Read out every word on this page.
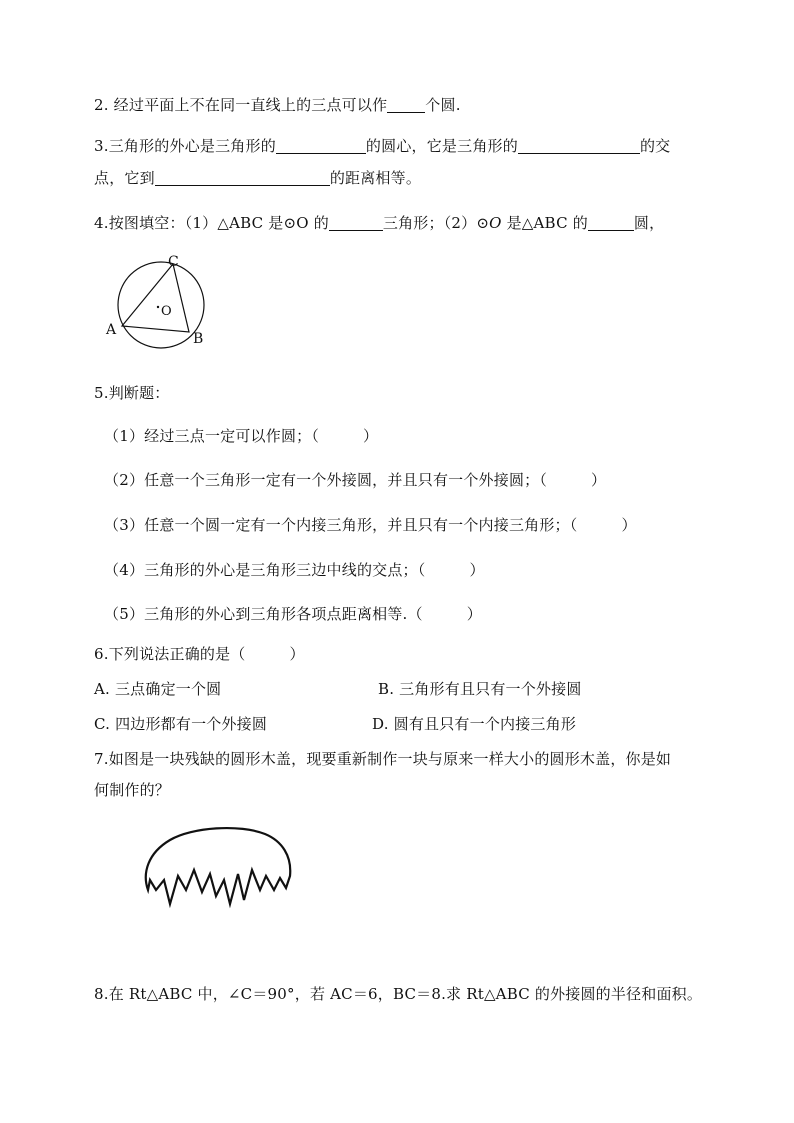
2. 经过平面上不在同一直线上的三点可以作	个圆.
3.三角形的外心是三角形的	的圆心，它是三角形的	的交
点，它到	的距离相等。
4.按图填空：（1）△ABC 是⊙O 的	三角形；（2）⊙O 是△ABC 的	圆，
C
A
B
O
5.判断题：
（1）经过三点一定可以作圆；（	）
（2）任意一个三角形一定有一个外接圆，并且只有一个外接圆；（	）
（3）任意一个圆一定有一个内接三角形，并且只有一个内接三角形；（	）
（4）三角形的外心是三角形三边中线的交点；（	）
（5）三角形的外心到三角形各项点距离相等.（	）
6.下列说法正确的是（	）
A. 三点确定一个圆	B. 三角形有且只有一个外接圆
C. 四边形都有一个外接圆	D. 圆有且只有一个内接三角形
7.如图是一块残缺的圆形木盖，现要重新制作一块与原来一样大小的圆形木盖，你是如
何制作的？
8.在 Rt△ABC 中，∠C＝90°，若 AC＝6，BC＝8.求 Rt△ABC 的外接圆的半径和面积。
